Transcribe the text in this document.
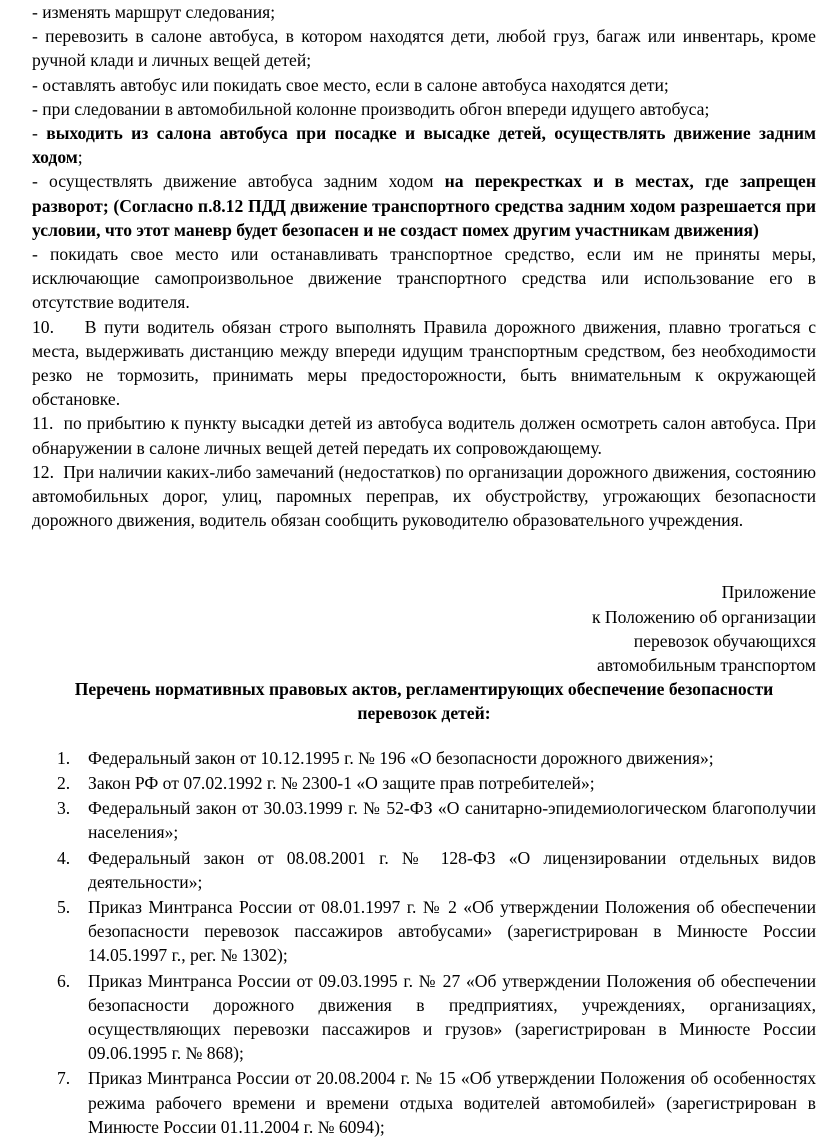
- изменять маршрут следования;

- перевозить в салоне автобуса, в котором находятся дети, любой груз, багаж или инвентарь, кроме ручной клади и личных вещей детей;

- оставлять автобус или покидать свое место, если в салоне автобуса находятся дети;

- при следовании в автомобильной колонне производить обгон впереди идущего автобуса;

- выходить из салона автобуса при посадке и высадке детей, осуществлять движение задним ходом;

- осуществлять движение автобуса задним ходом на перекрестках и в местах, где запрещен разворот; (Согласно п.8.12 ПДД движение транспортного средства задним ходом разрешается при условии, что этот маневр будет безопасен и не создаст помех другим участникам движения)

- покидать свое место или останавливать транспортное средство, если им не приняты меры, исключающие самопроизвольное движение транспортного средства или использование его в отсутствие водителя.

10. В пути водитель обязан строго выполнять Правила дорожного движения, плавно трогаться с места, выдерживать дистанцию между впереди идущим транспортным средством, без необходимости резко не тормозить, принимать меры предосторожности, быть внимательным к окружающей обстановке.

11. по прибытию к пункту высадки детей из автобуса водитель должен осмотреть салон автобуса. При обнаружении в салоне личных вещей детей передать их сопровождающему.

12. При наличии каких-либо замечаний (недостатков) по организации дорожного движения, состоянию автомобильных дорог, улиц, паромных переправ, их обустройству, угрожающих безопасности дорожного движения, водитель обязан сообщить руководителю образовательного учреждения.

Приложение
к Положению об организации
перевозок обучающихся
автомобильным транспортом

Перечень нормативных правовых актов, регламентирующих обеспечение безопасности перевозок детей:

1. Федеральный закон от 10.12.1995 г. № 196 «О безопасности дорожного движения»;
2. Закон РФ от 07.02.1992 г. № 2300-1 «О защите прав потребителей»;
3. Федеральный закон от 30.03.1999 г. № 52-ФЗ «О санитарно-эпидемиологическом благополучии населения»;
4. Федеральный закон от 08.08.2001 г. № 128-ФЗ «О лицензировании отдельных видов деятельности»;
5. Приказ Минтранса России от 08.01.1997 г. № 2 «Об утверждении Положения об обеспечении безопасности перевозок пассажиров автобусами» (зарегистрирован в Минюсте России 14.05.1997 г., рег. № 1302);
6. Приказ Минтранса России от 09.03.1995 г. № 27 «Об утверждении Положения об обеспечении безопасности дорожного движения в предприятиях, учреждениях, организациях, осуществляющих перевозки пассажиров и грузов» (зарегистрирован в Минюсте России 09.06.1995 г. № 868);
7. Приказ Минтранса России от 20.08.2004 г. № 15 «Об утверждении Положения об особенностях режима рабочего времени и времени отдыха водителей автомобилей» (зарегистрирован в Минюсте России 01.11.2004 г. № 6094);
